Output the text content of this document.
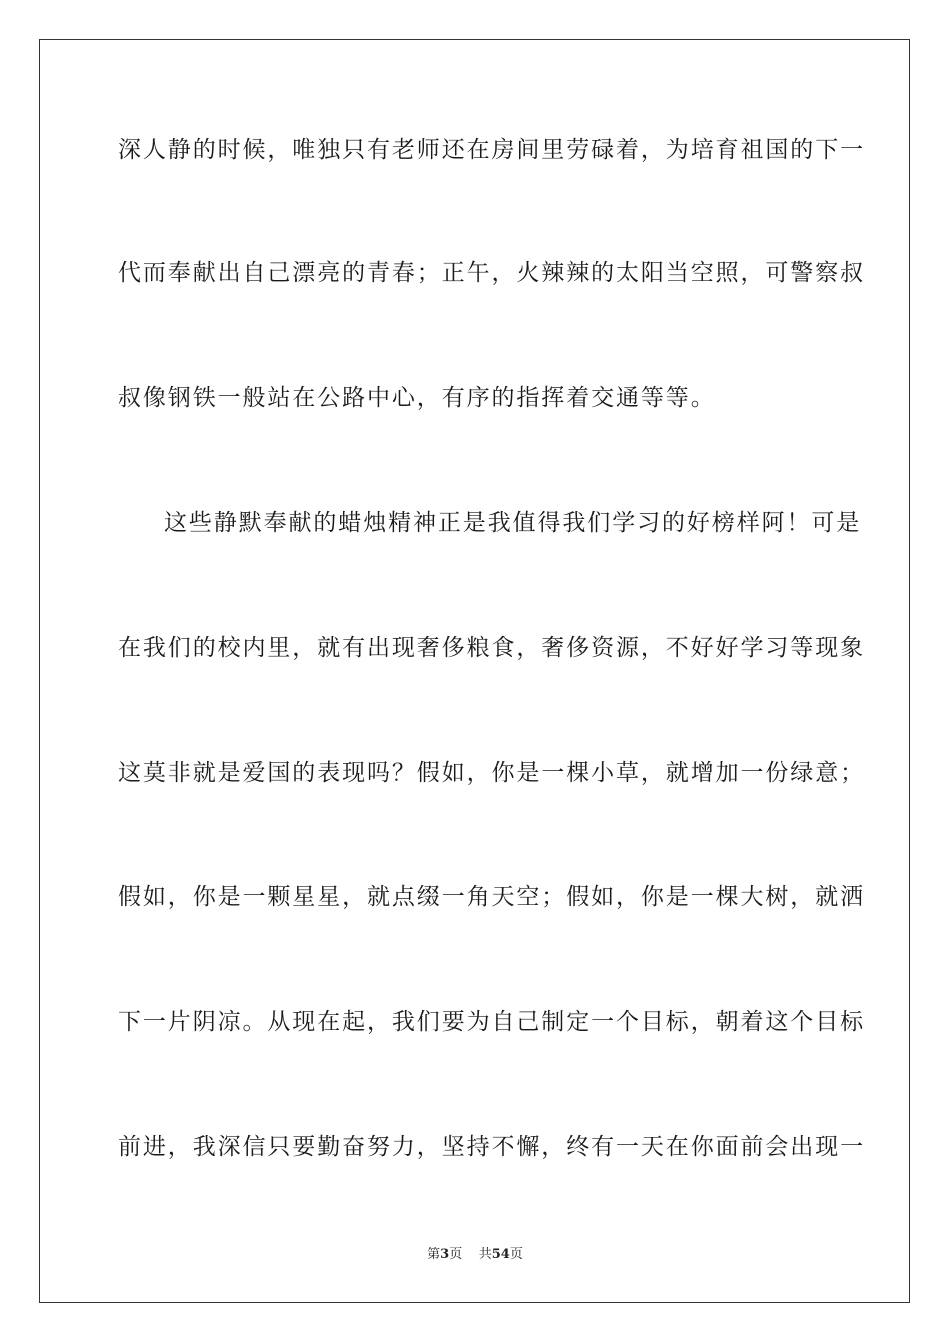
深人静的时候，唯独只有老师还在房间里劳碌着，为培育祖国的下一
代而奉献出自己漂亮的青春；正午，火辣辣的太阳当空照，可警察叔
叔像钢铁一般站在公路中心，有序的指挥着交通等等。
这些静默奉献的蜡烛精神正是我值得我们学习的好榜样阿！可是
在我们的校内里，就有出现奢侈粮食，奢侈资源，不好好学习等现象
这莫非就是爱国的表现吗？假如，你是一棵小草，就增加一份绿意；
假如，你是一颗星星，就点缀一角天空；假如，你是一棵大树，就洒
下一片阴凉。从现在起，我们要为自己制定一个目标，朝着这个目标
前进，我深信只要勤奋努力，坚持不懈，终有一天在你面前会出现一
第3页 共54页
